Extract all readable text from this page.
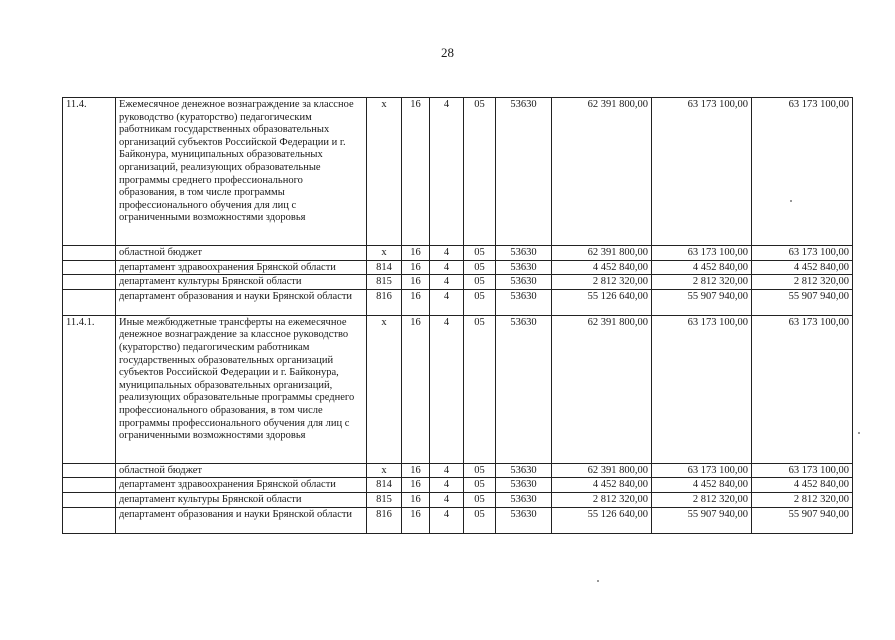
28
11.4.	Ежемесячное денежное вознаграждение за классное руководство (кураторство) педагогическим работникам государственных образовательных организаций субъектов Российской Федерации и г. Байконура, муниципальных образовательных организаций, реализующих образовательные программы среднего профессионального образования, в том числе программы профессионального обучения для лиц с ограниченными возможностями здоровья	х	16	4	05	53630	62 391 800,00	63 173 100,00	63 173 100,00
	областной бюджет	х	16	4	05	53630	62 391 800,00	63 173 100,00	63 173 100,00
	департамент здравоохранения Брянской области	814	16	4	05	53630	4 452 840,00	4 452 840,00	4 452 840,00
	департамент культуры Брянской области	815	16	4	05	53630	2 812 320,00	2 812 320,00	2 812 320,00
	департамент образования и науки Брянской области	816	16	4	05	53630	55 126 640,00	55 907 940,00	55 907 940,00
11.4.1.	Иные межбюджетные трансферты на ежемесячное денежное вознаграждение за классное руководство (кураторство) педагогическим работникам государственных образовательных организаций субъектов Российской Федерации и г. Байконура, муниципальных образовательных организаций, реализующих образовательные программы среднего профессионального образования, в том числе программы профессионального обучения для лиц с ограниченными возможностями здоровья	х	16	4	05	53630	62 391 800,00	63 173 100,00	63 173 100,00
	областной бюджет	х	16	4	05	53630	62 391 800,00	63 173 100,00	63 173 100,00
	департамент здравоохранения Брянской области	814	16	4	05	53630	4 452 840,00	4 452 840,00	4 452 840,00
	департамент культуры Брянской области	815	16	4	05	53630	2 812 320,00	2 812 320,00	2 812 320,00
	департамент образования и науки Брянской области	816	16	4	05	53630	55 126 640,00	55 907 940,00	55 907 940,00
